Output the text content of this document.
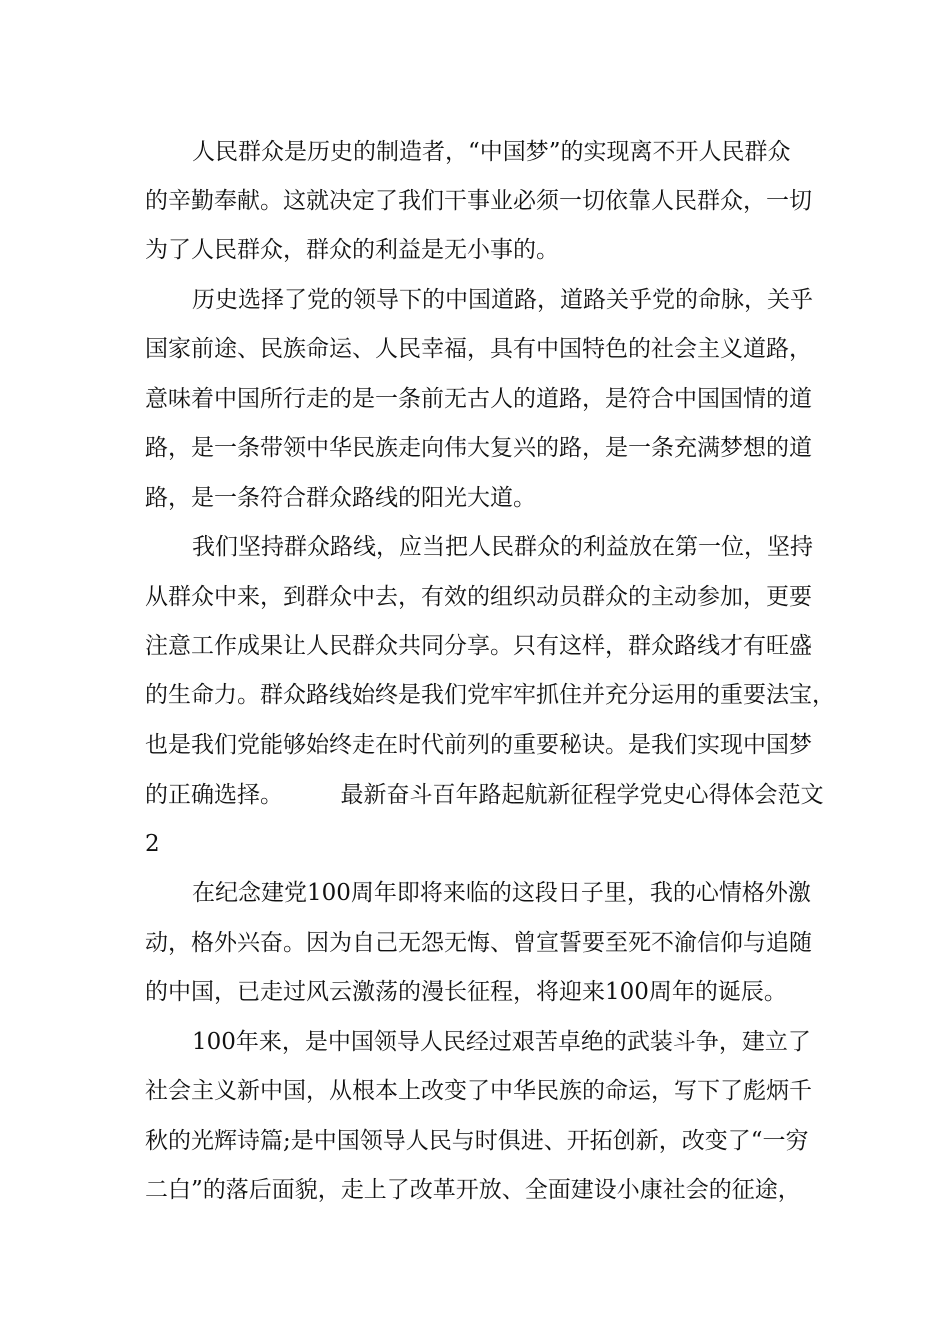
人民群众是历史的制造者，“中国梦”的实现离不开人民群众
的辛勤奉献。这就决定了我们干事业必须一切依靠人民群众，一切
为了人民群众，群众的利益是无小事的。
历史选择了党的领导下的中国道路，道路关乎党的命脉，关乎
国家前途、民族命运、人民幸福，具有中国特色的社会主义道路，
意味着中国所行走的是一条前无古人的道路，是符合中国国情的道
路，是一条带领中华民族走向伟大复兴的路，是一条充满梦想的道
路，是一条符合群众路线的阳光大道。
我们坚持群众路线，应当把人民群众的利益放在第一位，坚持
从群众中来，到群众中去，有效的组织动员群众的主动参加，更要
注意工作成果让人民群众共同分享。只有这样，群众路线才有旺盛
的生命力。群众路线始终是我们党牢牢抓住并充分运用的重要法宝，
也是我们党能够始终走在时代前列的重要秘诀。是我们实现中国梦
的正确选择。　　　最新奋斗百年路起航新征程学党史心得体会范文
2
在纪念建党100周年即将来临的这段日子里，我的心情格外激
动，格外兴奋。因为自己无怨无悔、曾宣誓要至死不渝信仰与追随
的中国，已走过风云激荡的漫长征程，将迎来100周年的诞辰。
100年来，是中国领导人民经过艰苦卓绝的武装斗争，建立了
社会主义新中国，从根本上改变了中华民族的命运，写下了彪炳千
秋的光辉诗篇;是中国领导人民与时俱进、开拓创新，改变了“一穷
二白”的落后面貌，走上了改革开放、全面建设小康社会的征途，
